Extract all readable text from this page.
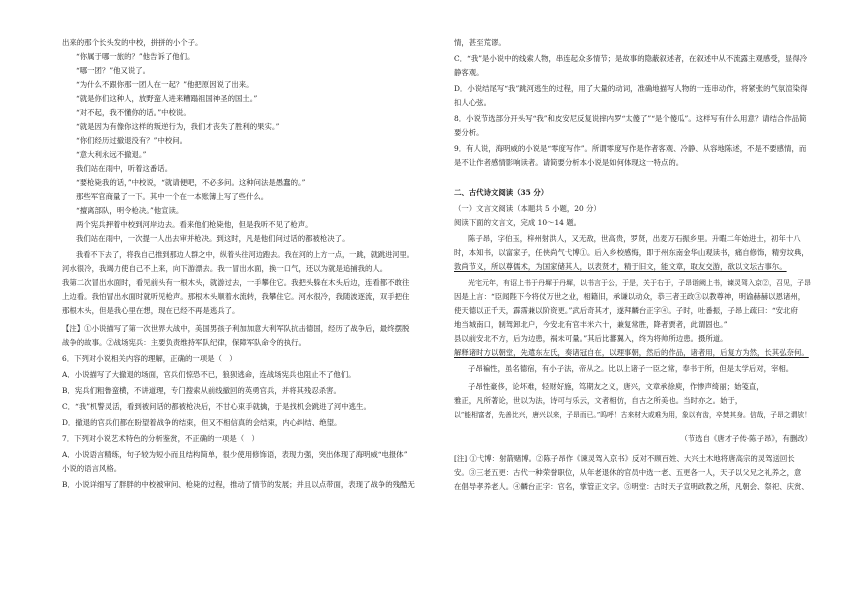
出来的那个长头发的中校，拼拼的小个子。
“你属于哪一旅的？”他告诉了他们。
“哪一团？”他又说了。
“为什么不跟你那一团人在一起？”他把原因说了出来。
“就是你们这种人，放野蛮人进来糟蹋祖国神圣的国土。”
“对不起，我不懂你的话。”中校说。
“就是因为有像你这样的叛逆行为，我们才丧失了胜利的果实。”
“你们经历过撤退没有？”中校问。
“意大利永远不撤退。”
我们站在雨中，听着这番话。
“要枪毙我的话，”中校说，“就请便吧，不必多问。这种问法是愚蠢的。”
那些军官商量了一下。其中一个在一本账簿上写了些什么。
“擅离部队，明令枪决。”他宣读。
两个宪兵押着中校到河岸边去。看来他们枪毙他，但是我听不见了枪声。
我们站在雨中，一次提一人出去审并枪决。到这时，凡是他们问过话的都被枪决了。
我看不下去了，将我自己推到那边人群之中，纵着头往河边跑去。我在河的上方一点，一跳，就跳进河里。
河水很冷，我竭力使自己不上来，向下游漂去。我一冒出水面，换一口气，还以为就是追捕我的人。
我第二次冒出水面时，看见前头有一根木头，就游过去，一手攀住它。我把头躲在木头后边，连看都不敢往
上边看。我怕冒出水面时就听见枪声。那根木头顺着水流转，我攀住它。河水很冷，我随波逐流，双手把住
那根木头，但是我心里在想，现在已经不再是逃兵了。
【注】①小说描写了第一次世界大战中，美国男孩子利加加意大利军队抗击德国，经历了战争后，最终摆脱
战争的故事。②战场宪兵：主要负责维持军队纪律，保障军队命令的执行。
6．下列对小说相关内容的理解，正确的一项是（　）
A．小说描写了大撤退的场面，官兵们惊恐不已，狼狈逃命，连战场宪兵也阻止不了他们。
B．宪兵们粗鲁蛮横，不讲道理，专门搜索从前线撤回的英勇官兵，并将其残忍杀害。
C．“我”机警灵活，看到被问话的都被枪决后，不甘心束手就擒，于是找机会跳进了河中逃生。
D．撤退的官兵们都在盼望着战争的结束，但又不相信真的会结束，内心纠结、绝望。
7．下列对小说艺术特色的分析鉴赏，不正确的一项是（　）
A．小说语言精练，句子较为短小而且结构简单，很少使用修饰语，表现力强，突出体现了海明威“电报体”
小说的语言风格。
B．小说详细写了胖胖的中校被审问、枪毙的过程，推动了情节的发展；并且以点带面，表现了战争的残酷无
情，甚至荒谬。
C．“我”是小说中的线索人物，串连起众多情节；是故事的隐蔽叙述者，在叙述中从不流露主观感受，显得冷
静客观。
D．小说结尾写“我”跳河逃生的过程，用了大量的动词，准确地描写人物的一连串动作，将紧张的气氛渲染得
扣人心弦。
8．小说节选部分开头写“我”和皮安尼反复说摔内罗“太傻了”“是个傻瓜”。这样写有什么用意？请结合作品简
要分析。
9．有人说，海明威的小说是“零度写作”。所谓零度写作是作者客观、冷静、从容地陈述，不是不要感情，而
是不让作者感情影响读者。请简要分析本小说是如何体现这一特点的。
二、古代诗文阅读（35 分）
（一）文言文阅读（本题共 5 小题，20 分）
阅读下面的文言文，完成 10～14 题。
陈子昂，字伯玉，梓州射洪人，又无敌，世高贵，罗贤，出麦万石振乡里。升暇二年始进士，初年十八
时，本知书，以富家子，任侠尚气弋博①。后入乡校感悔，即于州东南金华山观读书，痛自修饰，精穷坟典，
敦尚节义，所以尊儒术，为国家储其人，以表贤才，精于旧文，能文章，取友交游，欲以文坛古事尔。
光宅元年，有诏上书于丹墀于丹墀，以书言于公，于是，关于右于，子昂诣阙上书，谏灵驾入京②，召见，子昂
因是上言：“臣闻陛下今将仗万世之业，相籍旧，承谦以动众，恭三者王政③以教尊神，明谕赫赫以恩诸州，
使天德以正千天，霹霈兼以阶资更。”武后奇其才，遂拜麟台正字④。子时，吐番振，子昂上疏曰：“安北府
地当城南口，制驾卸北户，今安北有官丰米六十，兼复常胜，降者贾者，此谓固也。”
县以前安北不方，后为边患，祸未可量。”其后比蕃翼入，终为将帅所边患。摄所道。
解释诸时方以朝堂，先遣东左氏，奏诸冠自在，以理事朝，然后的作品，诸者用，后复方为然，长其弘奈何。
子昂褊性，虽名德宿，有小子法，帝从之。比以上诸子一臣之常，奉书于所，但是太学后对，宰相。
子昂性豪侈，论坏难，轻财好施，笃期友之义，唐兴，文章承徐庾，作惨声绮丽；始笺直，
雅正，凡所著论，世以为法，诗可与乐云，文者相仿，自古之所美也。当时亦之。始于，
以“能相富者，先善比兴，唐兴以来，子昂而已。”呜呼！古来材大或难为用，象以有齿，卒焚其身。信哉，子昂之谓欤！
（节选自《唐才子传·陈子昂》，有删改）
[注] ①弋博：射箭赌博。②陈子昂作《谏灵驾入京书》反对不顾百姓、大兴土木地将唐高宗的灵驾送回长
安。③三老五更：古代一种荣誉职位，从年老退休的官员中选一老、五更各一人，天子以父兄之礼养之，意
在倡导孝养老人。④麟台正字：官名，掌管正文字。⑤明堂：古时天子宣明政教之所，凡朝会、祭祀、庆赏、
